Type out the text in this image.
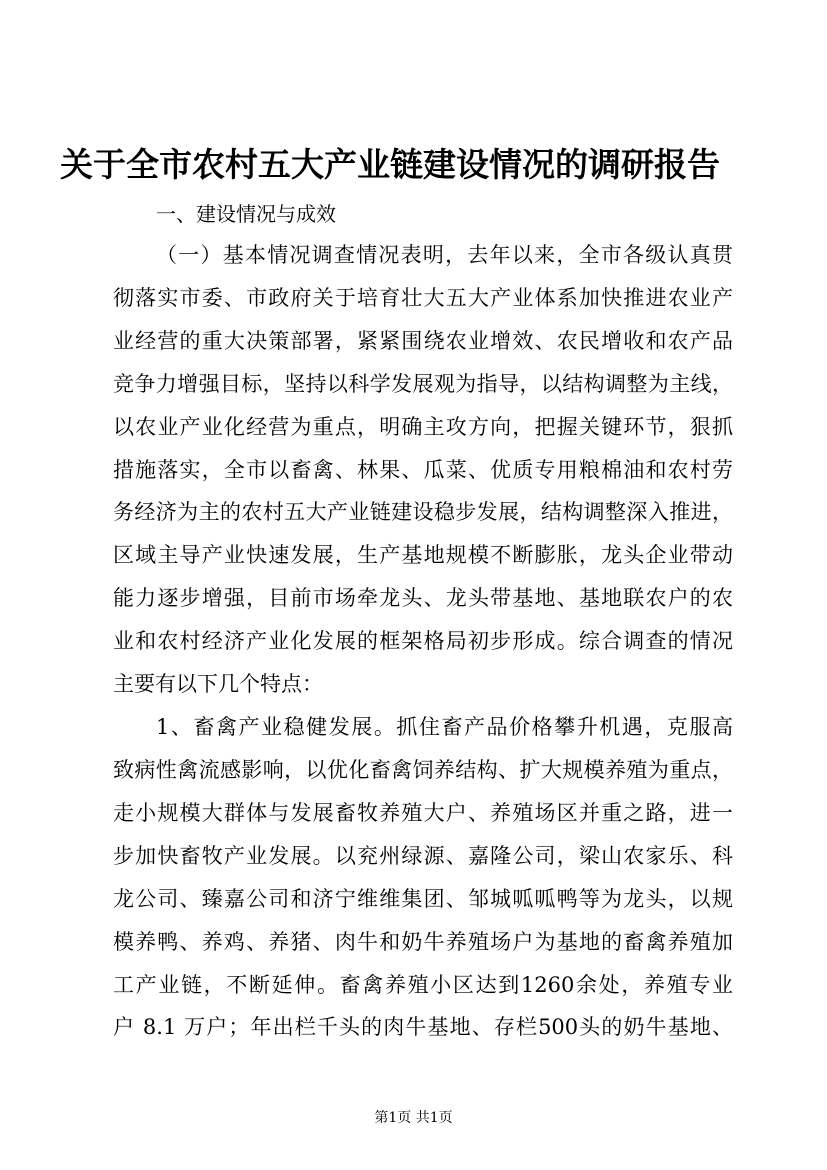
关于全市农村五大产业链建设情况的调研报告

一、建设情况与成效

（一）基本情况调查情况表明，去年以来，全市各级认真贯

彻落实市委、市政府关于培育壮大五大产业体系加快推进农业产

业经营的重大决策部署，紧紧围绕农业增效、农民增收和农产品

竞争力增强目标，坚持以科学发展观为指导，以结构调整为主线，

以农业产业化经营为重点，明确主攻方向，把握关键环节，狠抓

措施落实，全市以畜禽、林果、瓜菜、优质专用粮棉油和农村劳

务经济为主的农村五大产业链建设稳步发展，结构调整深入推进，

区域主导产业快速发展，生产基地规模不断膨胀，龙头企业带动

能力逐步增强，目前市场牵龙头、龙头带基地、基地联农户的农

业和农村经济产业化发展的框架格局初步形成。综合调查的情况

主要有以下几个特点：

1、畜禽产业稳健发展。抓住畜产品价格攀升机遇，克服高

致病性禽流感影响，以优化畜禽饲养结构、扩大规模养殖为重点，

走小规模大群体与发展畜牧养殖大户、养殖场区并重之路，进一

步加快畜牧产业发展。以兖州绿源、嘉隆公司，梁山农家乐、科

龙公司、臻嘉公司和济宁维维集团、邹城呱呱鸭等为龙头，以规

模养鸭、养鸡、养猪、肉牛和奶牛养殖场户为基地的畜禽养殖加

工产业链，不断延伸。畜禽养殖小区达到1260余处，养殖专业

户 8.1 万户；年出栏千头的肉牛基地、存栏500头的奶牛基地、

第1页 共1页
